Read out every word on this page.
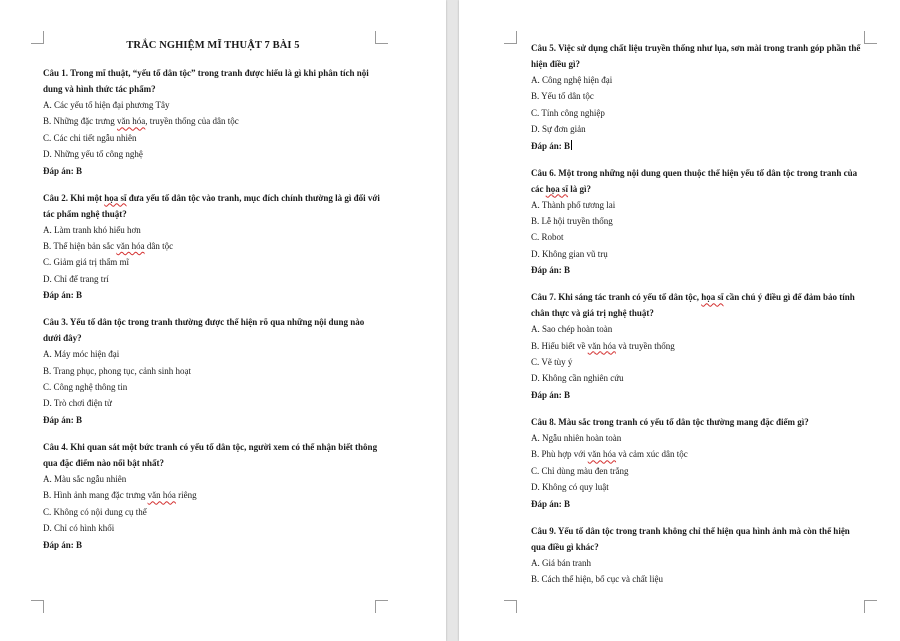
TRẮC NGHIỆM MĨ THUẬT 7 BÀI 5
Câu 1. Trong mĩ thuật, “yếu tố dân tộc” trong tranh được hiểu là gì khi phân tích nội dung và hình thức tác phẩm?
A. Các yếu tố hiện đại phương Tây
B. Những đặc trưng văn hóa, truyền thống của dân tộc
C. Các chi tiết ngẫu nhiên
D. Những yếu tố công nghệ
Đáp án: B
Câu 2. Khi một họa sĩ đưa yếu tố dân tộc vào tranh, mục đích chính thường là gì đối với tác phẩm nghệ thuật?
A. Làm tranh khó hiểu hơn
B. Thể hiện bản sắc văn hóa dân tộc
C. Giảm giá trị thẩm mĩ
D. Chỉ để trang trí
Đáp án: B
Câu 3. Yếu tố dân tộc trong tranh thường được thể hiện rõ qua những nội dung nào dưới đây?
A. Máy móc hiện đại
B. Trang phục, phong tục, cảnh sinh hoạt
C. Công nghệ thông tin
D. Trò chơi điện tử
Đáp án: B
Câu 4. Khi quan sát một bức tranh có yếu tố dân tộc, người xem có thể nhận biết thông qua đặc điểm nào nổi bật nhất?
A. Màu sắc ngẫu nhiên
B. Hình ảnh mang đặc trưng văn hóa riêng
C. Không có nội dung cụ thể
D. Chỉ có hình khối
Đáp án: B
Câu 5. Việc sử dụng chất liệu truyền thống như lụa, sơn mài trong tranh góp phần thể hiện điều gì?
A. Công nghệ hiện đại
B. Yếu tố dân tộc
C. Tính công nghiệp
D. Sự đơn giản
Đáp án: B
Câu 6. Một trong những nội dung quen thuộc thể hiện yếu tố dân tộc trong tranh của các họa sĩ là gì?
A. Thành phố tương lai
B. Lễ hội truyền thống
C. Robot
D. Không gian vũ trụ
Đáp án: B
Câu 7. Khi sáng tác tranh có yếu tố dân tộc, họa sĩ cần chú ý điều gì để đảm bảo tính chân thực và giá trị nghệ thuật?
A. Sao chép hoàn toàn
B. Hiểu biết về văn hóa và truyền thống
C. Vẽ tùy ý
D. Không cần nghiên cứu
Đáp án: B
Câu 8. Màu sắc trong tranh có yếu tố dân tộc thường mang đặc điểm gì?
A. Ngẫu nhiên hoàn toàn
B. Phù hợp với văn hóa và cảm xúc dân tộc
C. Chỉ dùng màu đen trắng
D. Không có quy luật
Đáp án: B
Câu 9. Yếu tố dân tộc trong tranh không chỉ thể hiện qua hình ảnh mà còn thể hiện qua điều gì khác?
A. Giá bán tranh
B. Cách thể hiện, bố cục và chất liệu
